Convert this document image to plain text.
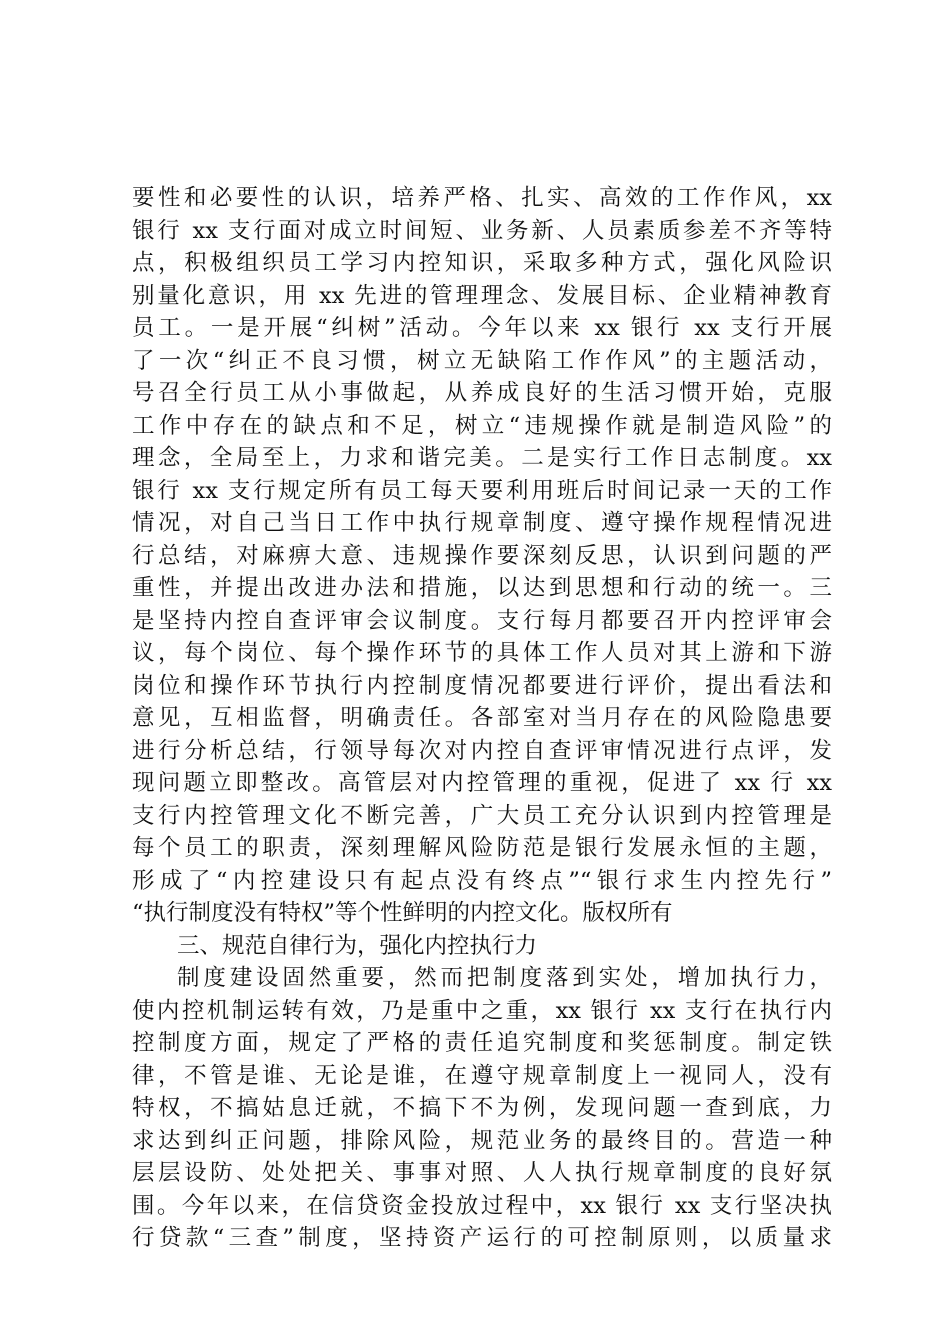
要性和必要性的认识，培养严格、扎实、高效的工作作风，xx
银行 xx 支行面对成立时间短、业务新、人员素质参差不齐等特
点，积极组织员工学习内控知识，采取多种方式，强化风险识
别量化意识，用 xx 先进的管理理念、发展目标、企业精神教育
员工。一是开展“纠树”活动。今年以来 xx 银行 xx 支行开展
了一次“纠正不良习惯，树立无缺陷工作作风”的主题活动，
号召全行员工从小事做起，从养成良好的生活习惯开始，克服
工作中存在的缺点和不足，树立“违规操作就是制造风险”的
理念，全局至上，力求和谐完美。二是实行工作日志制度。xx
银行 xx 支行规定所有员工每天要利用班后时间记录一天的工作
情况，对自己当日工作中执行规章制度、遵守操作规程情况进
行总结，对麻痹大意、违规操作要深刻反思，认识到问题的严
重性，并提出改进办法和措施，以达到思想和行动的统一。三
是坚持内控自查评审会议制度。支行每月都要召开内控评审会
议，每个岗位、每个操作环节的具体工作人员对其上游和下游
岗位和操作环节执行内控制度情况都要进行评价，提出看法和
意见，互相监督，明确责任。各部室对当月存在的风险隐患要
进行分析总结，行领导每次对内控自查评审情况进行点评，发
现问题立即整改。高管层对内控管理的重视，促进了 xx 行 xx
支行内控管理文化不断完善，广大员工充分认识到内控管理是
每个员工的职责，深刻理解风险防范是银行发展永恒的主题，
形成了“内控建设只有起点没有终点”“银行求生内控先行”
“执行制度没有特权”等个性鲜明的内控文化。版权所有
三、规范自律行为，强化内控执行力
制度建设固然重要，然而把制度落到实处，增加执行力，
使内控机制运转有效，乃是重中之重，xx 银行 xx 支行在执行内
控制度方面，规定了严格的责任追究制度和奖惩制度。制定铁
律，不管是谁、无论是谁，在遵守规章制度上一视同人，没有
特权，不搞姑息迁就，不搞下不为例，发现问题一查到底，力
求达到纠正问题，排除风险，规范业务的最终目的。营造一种
层层设防、处处把关、事事对照、人人执行规章制度的良好氛
围。今年以来，在信贷资金投放过程中，xx 银行 xx 支行坚决执
行贷款“三查”制度，坚持资产运行的可控制原则，以质量求
